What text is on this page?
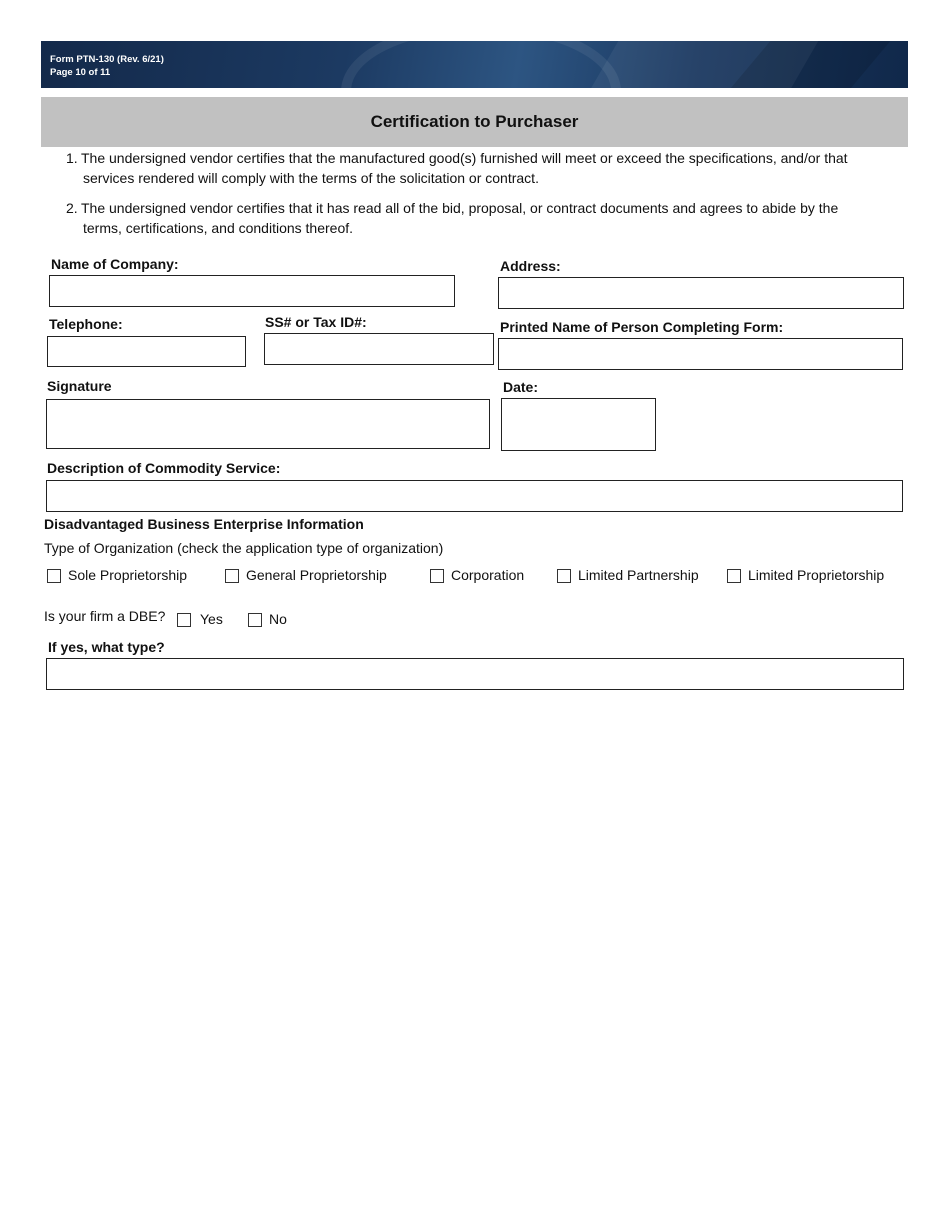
Form PTN-130 (Rev. 6/21)
Page 10 of 11
Certification to Purchaser
1. The undersigned vendor certifies that the manufactured good(s) furnished will meet or exceed the specifications, and/or that
services rendered will comply with the terms of the solicitation or contract.
2. The undersigned vendor certifies that it has read all of the bid, proposal, or contract documents and agrees to abide by the
terms, certifications, and conditions thereof.
Name of Company:	Address:
Telephone:	SS# or Tax ID#:	Printed Name of Person Completing Form:
Signature	Date:
Description of Commodity Service:
Disadvantaged Business Enterprise Information
Type of Organization (check the application type of organization)
Sole Proprietorship	General Proprietorship	Corporation	Limited Partnership	Limited Proprietorship
Is your firm a DBE? Yes	No
If yes, what type?
